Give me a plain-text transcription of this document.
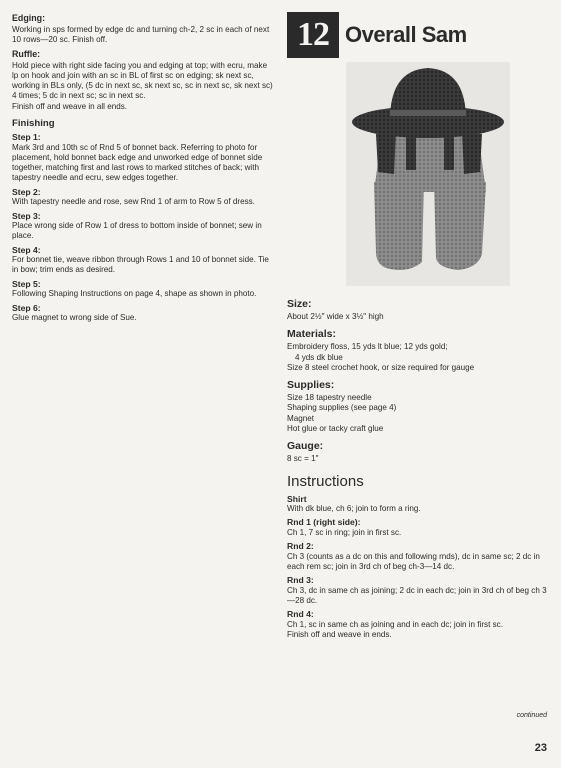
Edging:

Working in sps formed by edge dc and turning ch-2, 2 sc in each of next 10 rows—20 sc. Finish off.

Ruffle:

Hold piece with right side facing you and edging at top; with ecru, make lp on hook and join with an sc in BL of first sc on edging; sk next sc, working in BLs only, (5 dc in next sc, sk next sc, sc in next sc, sk next sc) 4 times; 5 dc in next sc; sc in next sc.

Finish off and weave in all ends.

Finishing

Step 1:

Mark 3rd and 10th sc of Rnd 5 of bonnet back. Referring to photo for placement, hold bonnet back edge and unworked edge of bonnet side together, matching first and last rows to marked stitches of back; with tapestry needle and ecru, sew edges together.

Step 2:

With tapestry needle and rose, sew Rnd 1 of arm to Row 5 of dress.

Step 3:

Place wrong side of Row 1 of dress to bottom inside of bonnet; sew in place.

Step 4:

For bonnet tie, weave ribbon through Rows 1 and 10 of bonnet side. Tie in bow; trim ends as desired.

Step 5:

Following Shaping Instructions on page 4, shape as shown in photo.

Step 6:

Glue magnet to wrong side of Sue.

12 Overall Sam

Size:

About 2½" wide x 3½" high

Materials:

Embroidery floss, 15 yds lt blue; 12 yds gold;

4 yds dk blue

Size 8 steel crochet hook, or size required for gauge

Supplies:

Size 18 tapestry needle

Shaping supplies (see page 4)

Magnet

Hot glue or tacky craft glue

Gauge:

8 sc = 1"

Instructions

Shirt

With dk blue, ch 6; join to form a ring.

Rnd 1 (right side):

Ch 1, 7 sc in ring; join in first sc.

Rnd 2:

Ch 3 (counts as a dc on this and following rnds), dc in same sc; 2 dc in each rem sc; join in 3rd ch of beg ch-3—14 dc.

Rnd 3:

Ch 3, dc in same ch as joining; 2 dc in each dc; join in 3rd ch of beg ch 3—28 dc.

Rnd 4:

Ch 1, sc in same ch as joining and in each dc; join in first sc.

Finish off and weave in ends.

continued
23
